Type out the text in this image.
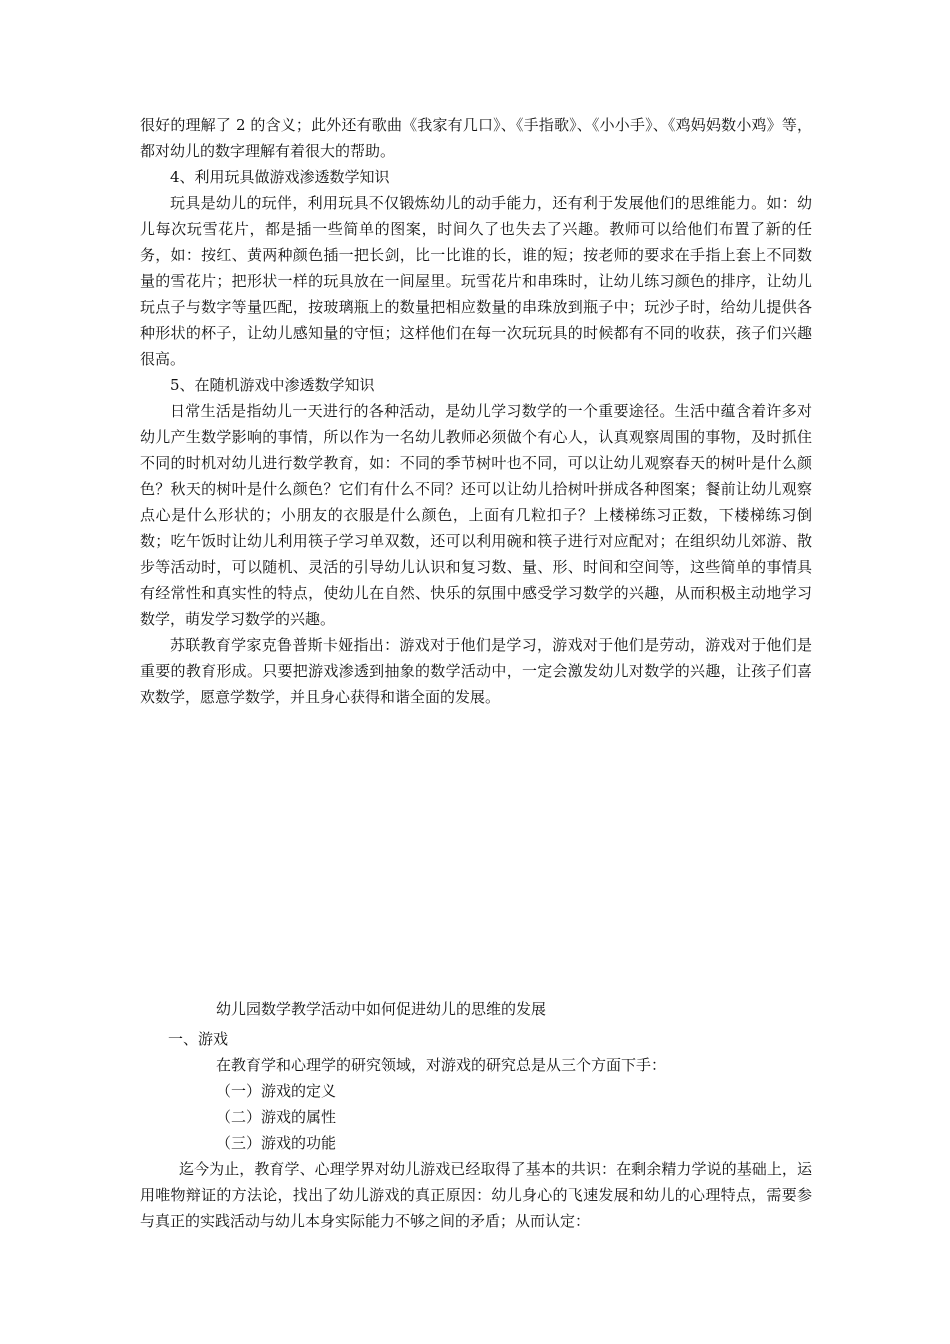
很好的理解了 2 的含义；此外还有歌曲《我家有几口》、《手指歌》、《小小手》、《鸡妈妈数小鸡》等，都对幼儿的数字理解有着很大的帮助。

4、利用玩具做游戏渗透数学知识

玩具是幼儿的玩伴，利用玩具不仅锻炼幼儿的动手能力，还有利于发展他们的思维能力。如：幼儿每次玩雪花片，都是插一些简单的图案，时间久了也失去了兴趣。教师可以给他们布置了新的任务，如：按红、黄两种颜色插一把长剑，比一比谁的长，谁的短；按老师的要求在手指上套上不同数量的雪花片；把形状一样的玩具放在一间屋里。玩雪花片和串珠时，让幼儿练习颜色的排序，让幼儿玩点子与数字等量匹配，按玻璃瓶上的数量把相应数量的串珠放到瓶子中；玩沙子时，给幼儿提供各种形状的杯子，让幼儿感知量的守恒；这样他们在每一次玩玩具的时候都有不同的收获，孩子们兴趣很高。

5、在随机游戏中渗透数学知识

日常生活是指幼儿一天进行的各种活动，是幼儿学习数学的一个重要途径。生活中蕴含着许多对幼儿产生数学影响的事情，所以作为一名幼儿教师必须做个有心人，认真观察周围的事物，及时抓住不同的时机对幼儿进行数学教育，如：不同的季节树叶也不同，可以让幼儿观察春天的树叶是什么颜色？秋天的树叶是什么颜色？它们有什么不同？还可以让幼儿拾树叶拼成各种图案；餐前让幼儿观察点心是什么形状的；小朋友的衣服是什么颜色，上面有几粒扣子？上楼梯练习正数，下楼梯练习倒数；吃午饭时让幼儿利用筷子学习单双数，还可以利用碗和筷子进行对应配对；在组织幼儿郊游、散步等活动时，可以随机、灵活的引导幼儿认识和复习数、量、形、时间和空间等，这些简单的事情具有经常性和真实性的特点，使幼儿在自然、快乐的氛围中感受学习数学的兴趣，从而积极主动地学习数学，萌发学习数学的兴趣。

苏联教育学家克鲁普斯卡娅指出：游戏对于他们是学习，游戏对于他们是劳动，游戏对于他们是重要的教育形成。只要把游戏渗透到抽象的数学活动中，一定会激发幼儿对数学的兴趣，让孩子们喜欢数学，愿意学数学，并且身心获得和谐全面的发展。

幼儿园数学教学活动中如何促进幼儿的思维的发展

一、游戏

在教育学和心理学的研究领域，对游戏的研究总是从三个方面下手：

（一）游戏的定义

（二）游戏的属性

（三）游戏的功能

迄今为止，教育学、心理学界对幼儿游戏已经取得了基本的共识：在剩余精力学说的基础上，运用唯物辩证的方法论，找出了幼儿游戏的真正原因：幼儿身心的飞速发展和幼儿的心理特点，需要参与真正的实践活动与幼儿本身实际能力不够之间的矛盾；从而认定：
